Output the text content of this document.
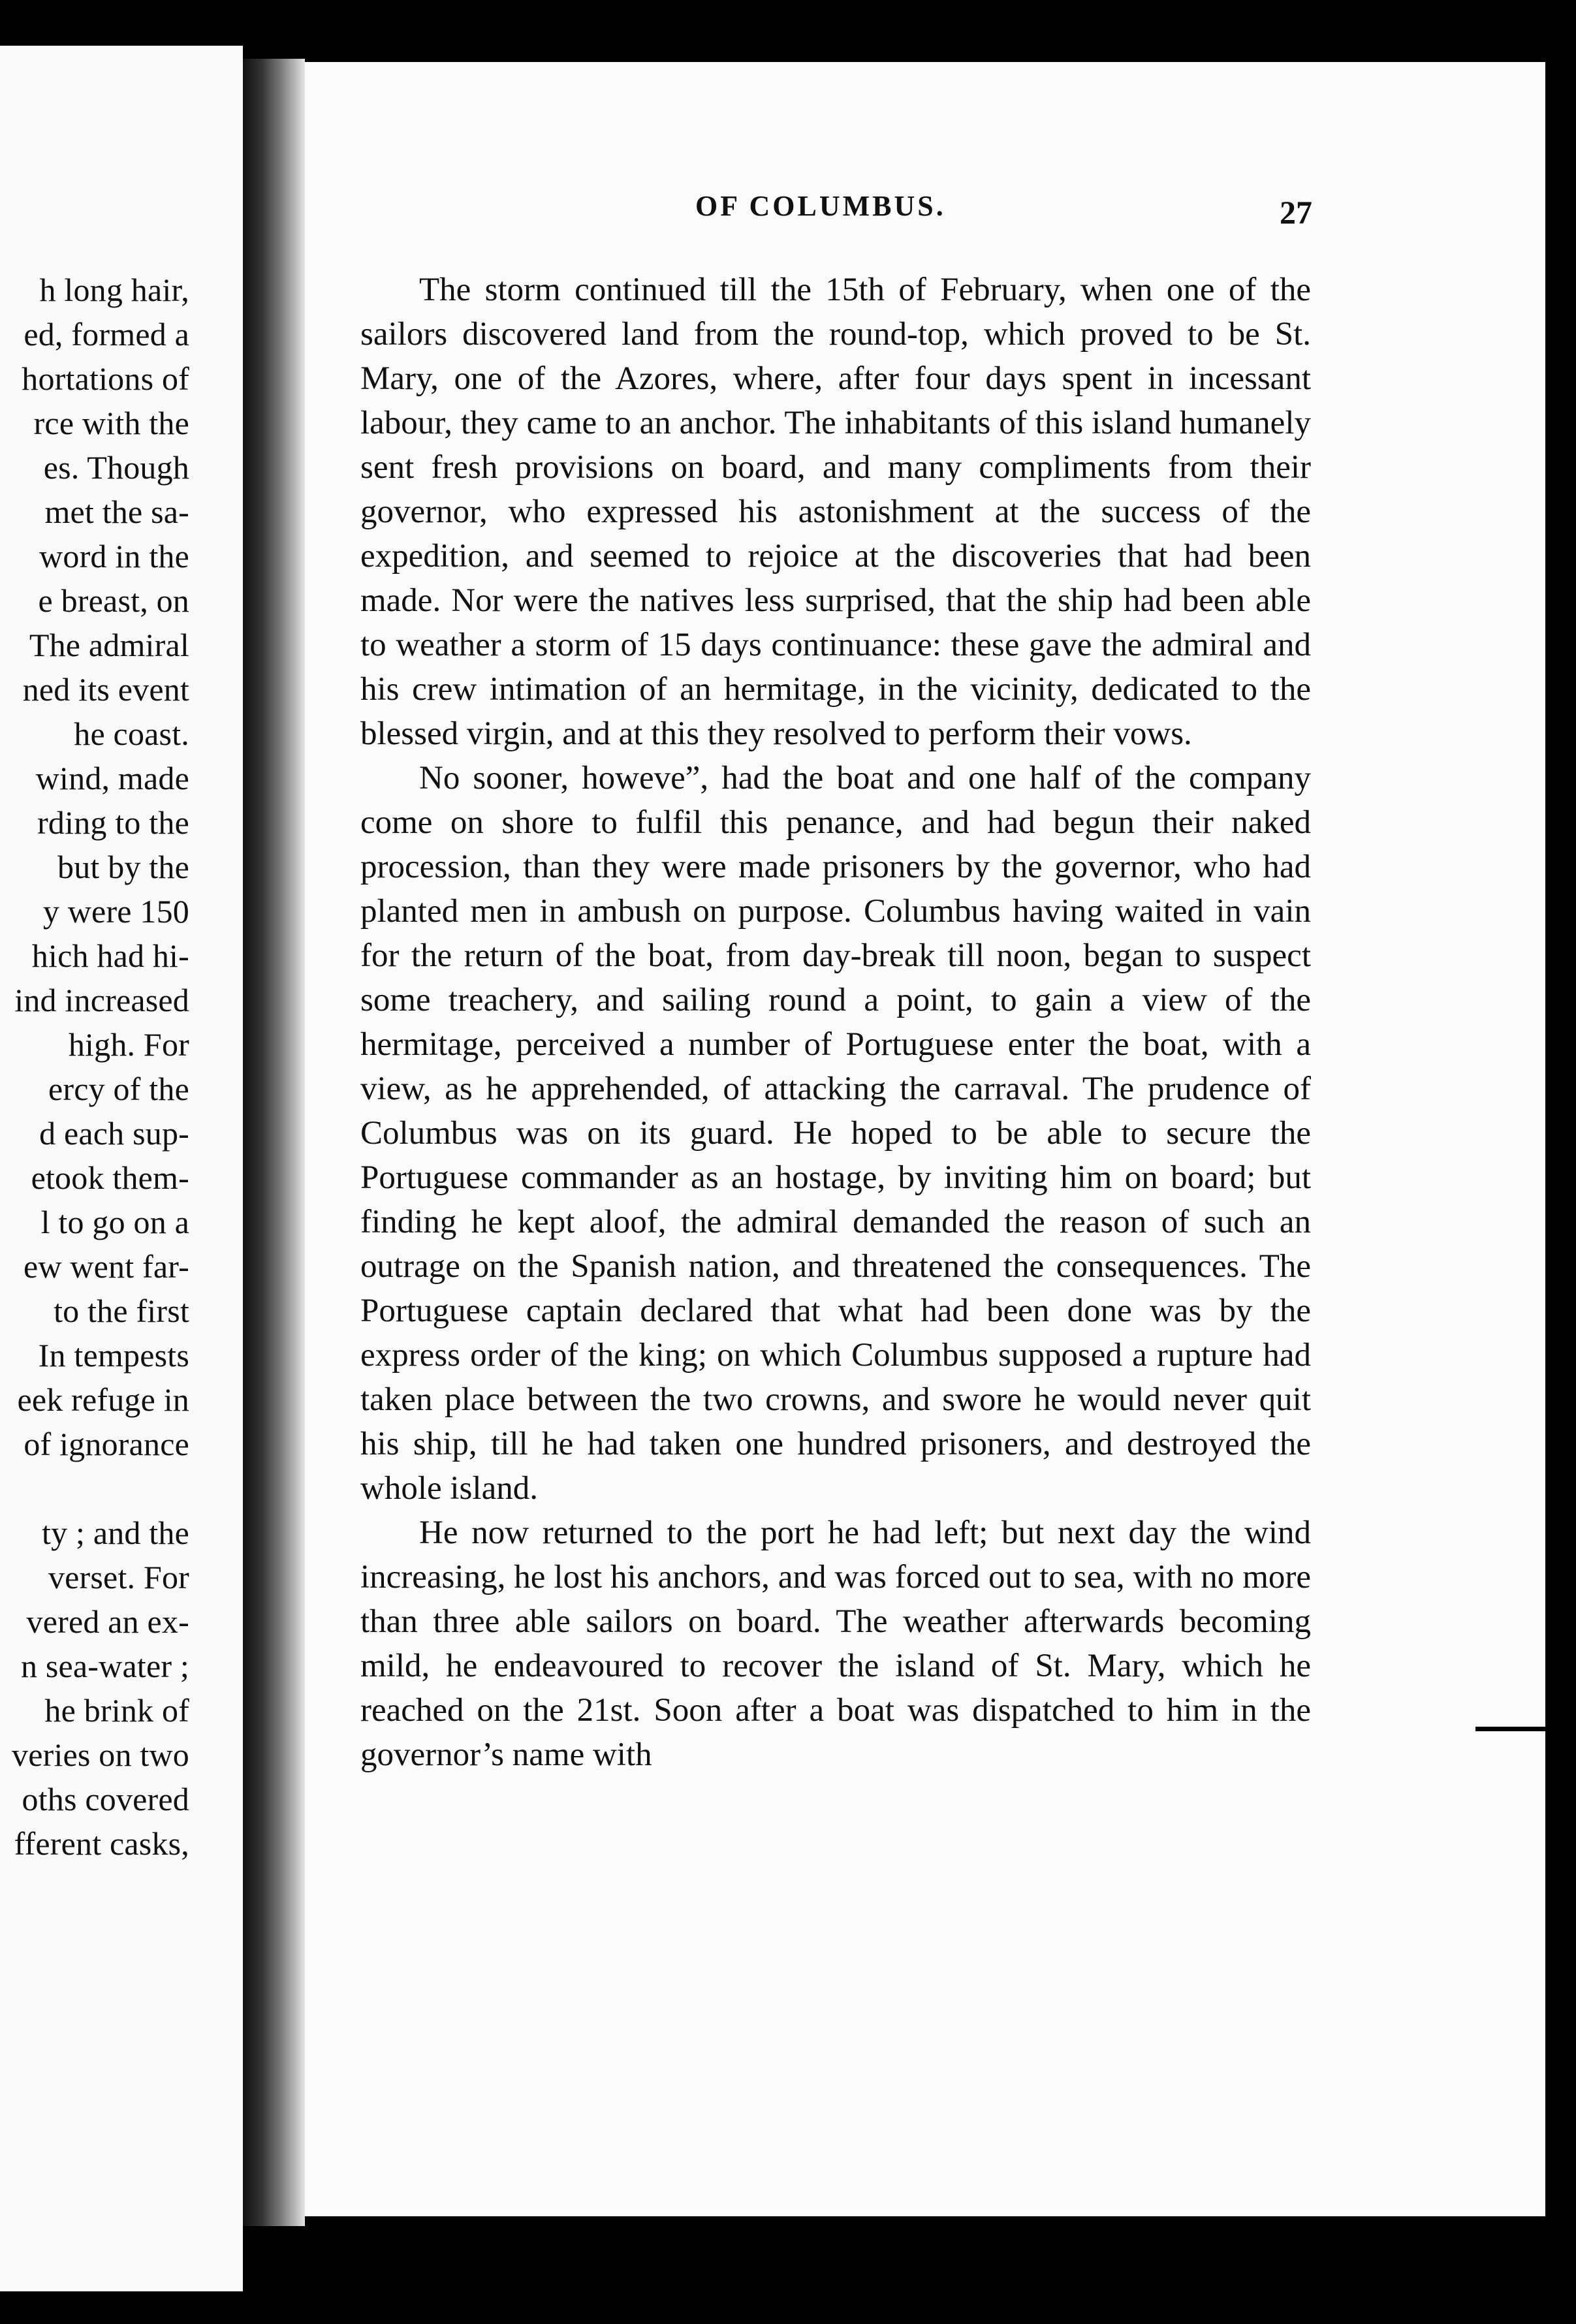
h long hair,
ed, formed a
hortations of
rce with the
es. Though
met the sa-
word in the
e breast, on
The admiral
ned its event
he coast.
wind, made
rding to the
but by the
y were 150
hich had hi-
ind increased
high. For
ercy of the
d each sup-
etook them-
l to go on a
ew went far-
to the first
In tempests
eek refuge in
of ignorance
ty ; and the
verset. For
vered an ex-
n sea-water ;
he brink of
veries on two
oths covered
fferent casks,
OF COLUMBUS.	27

The storm continued till the 15th of February, when one of the sailors discovered land from the round-top, which proved to be St. Mary, one of the Azores, where, after four days spent in incessant labour, they came to an anchor. The inhabitants of this island humanely sent fresh provisions on board, and many compliments from their governor, who expressed his astonishment at the success of the expedition, and seemed to rejoice at the discoveries that had been made. Nor were the natives less surprised, that the ship had been able to weather a storm of 15 days continuance: these gave the admiral and his crew intimation of an hermitage, in the vicinity, dedicated to the blessed virgin, and at this they resolved to perform their vows.

No sooner, howeve”, had the boat and one half of the company come on shore to fulfil this penance, and had begun their naked procession, than they were made prisoners by the governor, who had planted men in ambush on purpose. Columbus having waited in vain for the return of the boat, from day-break till noon, began to suspect some treachery, and sailing round a point, to gain a view of the hermitage, perceived a number of Portuguese enter the boat, with a view, as he apprehended, of attacking the carraval. The prudence of Columbus was on its guard. He hoped to be able to secure the Portuguese commander as an hostage, by inviting him on board; but finding he kept aloof, the admiral demanded the reason of such an outrage on the Spanish nation, and threatened the consequences. The Portuguese captain declared that what had been done was by the express order of the king; on which Columbus supposed a rupture had taken place between the two crowns, and swore he would never quit his ship, till he had taken one hundred prisoners, and destroyed the whole island.

He now returned to the port he had left; but next day the wind increasing, he lost his anchors, and was forced out to sea, with no more than three able sailors on board. The weather afterwards becoming mild, he endeavoured to recover the island of St. Mary, which he reached on the 21st. Soon after a boat was dispatched to him in the governor’s name with
